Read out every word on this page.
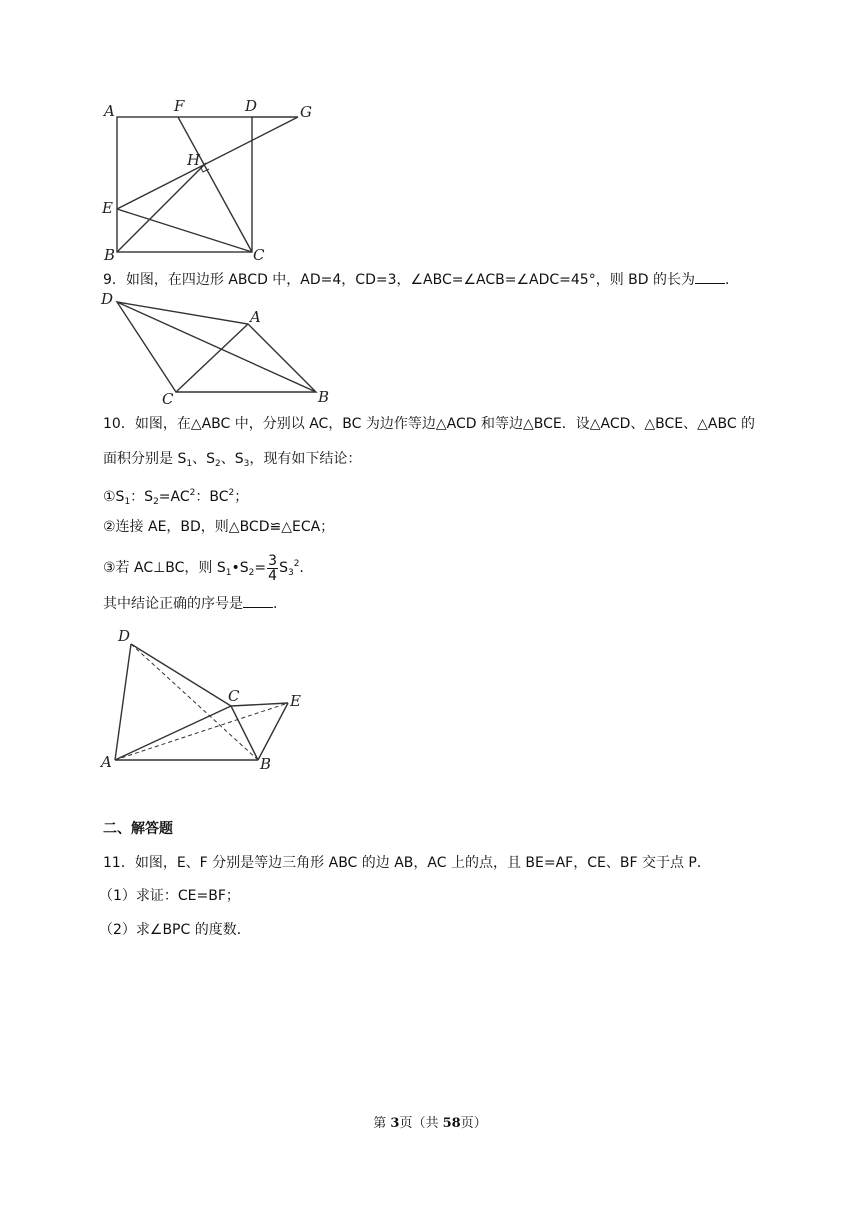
A	F	D	G
H
E
B	C
9．如图，在四边形 ABCD 中，AD=4，CD=3，∠ABC=∠ACB=∠ADC=45°，则 BD 的长为 .
D
A
C	B
10．如图，在△ABC 中，分别以 AC，BC 为边作等边△ACD 和等边△BCE．设△ACD、△BCE、△ABC 的
面积分别是 $S_1$、$S_2$、$S_3$，现有如下结论：
$①S_1$：$S_2=AC^2$：$BC^2$；
②连接 AE，BD，则△BCD≌△ECA；
③若 AC⊥BC，则 $S_1•S_2= \frac{3}{4} S_3^2$.
其中结论正确的序号是 .
D
C	E
A	B
二、解答题
11．如图，E、F 分别是等边三角形 ABC 的边 AB，AC 上的点，且 BE=AF，CE、BF 交于点 P．
（1）求证：CE=BF；
（2）求∠BPC 的度数．
第 3页（共 58页）
